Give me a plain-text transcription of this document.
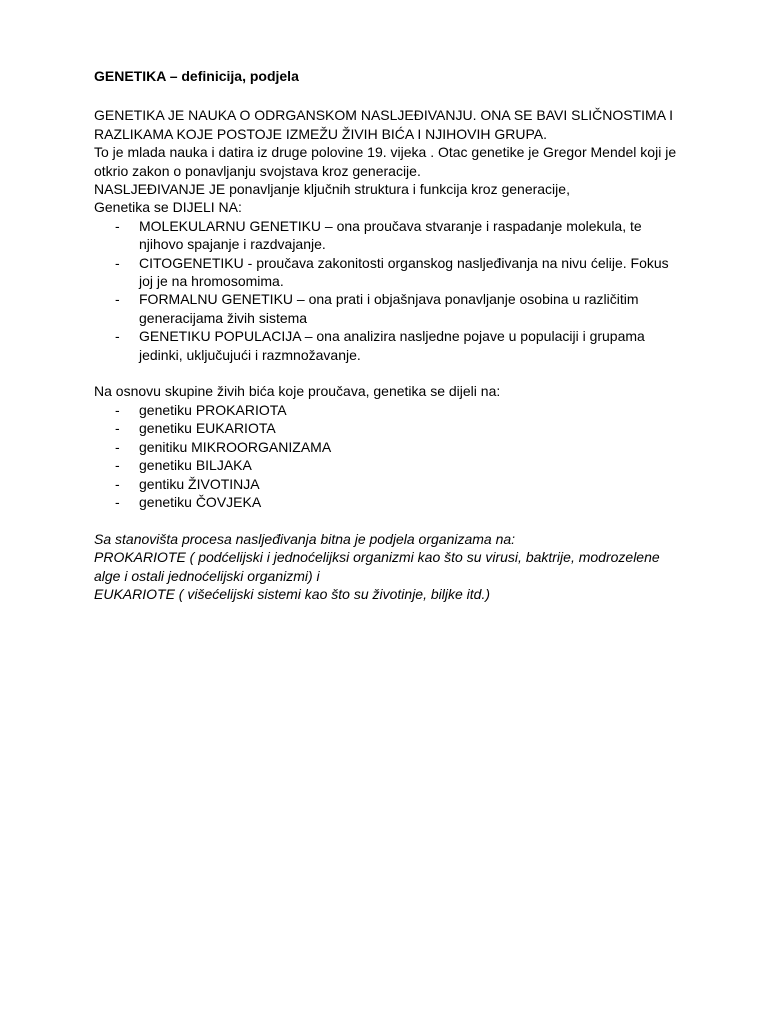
GENETIKA – definicija, podjela

GENETIKA JE NAUKA O ODRGANSKOM NASLJEĐIVANJU. ONA SE BAVI SLIČNOSTIMA I RAZLIKAMA KOJE POSTOJE IZMEŽU ŽIVIH BIĆA I NJIHOVIH GRUPA.

To je mlada nauka i datira iz druge polovine 19. vijeka . Otac genetike je Gregor Mendel koji je otkrio zakon o ponavljanju svojstava kroz generacije.

NASLJEĐIVANJE JE ponavljanje ključnih struktura i funkcija kroz generacije,

Genetika se DIJELI NA:

- MOLEKULARNU GENETIKU – ona proučava stvaranje i raspadanje molekula, te njihovo spajanje i razdvajanje.
- CITOGENETIKU - proučava zakonitosti organskog nasljeđivanja na nivu ćelije. Fokus joj je na hromosomima.
- FORMALNU GENETIKU – ona prati i objašnjava ponavljanje osobina u različitim generacijama živih sistema
- GENETIKU POPULACIJA – ona analizira nasljedne pojave u populaciji i grupama jedinki, uključujući i razmnožavanje.

Na osnovu skupine živih bića koje proučava, genetika se dijeli na:

- genetiku PROKARIOTA
- genetiku EUKARIOTA
- genitiku MIKROORGANIZAMA
- genetiku BILJAKA
- gentiku ŽIVOTINJA
- genetiku ČOVJEKA

Sa stanovišta procesa nasljeđivanja bitna je podjela organizama na:

PROKARIOTE ( podćelijski i jednoćelijksi organizmi kao što su virusi, baktrije, modrozelene alge i ostali jednoćelijski organizmi) i

EUKARIOTE ( višećelijski sistemi kao što su životinje, biljke itd.)
